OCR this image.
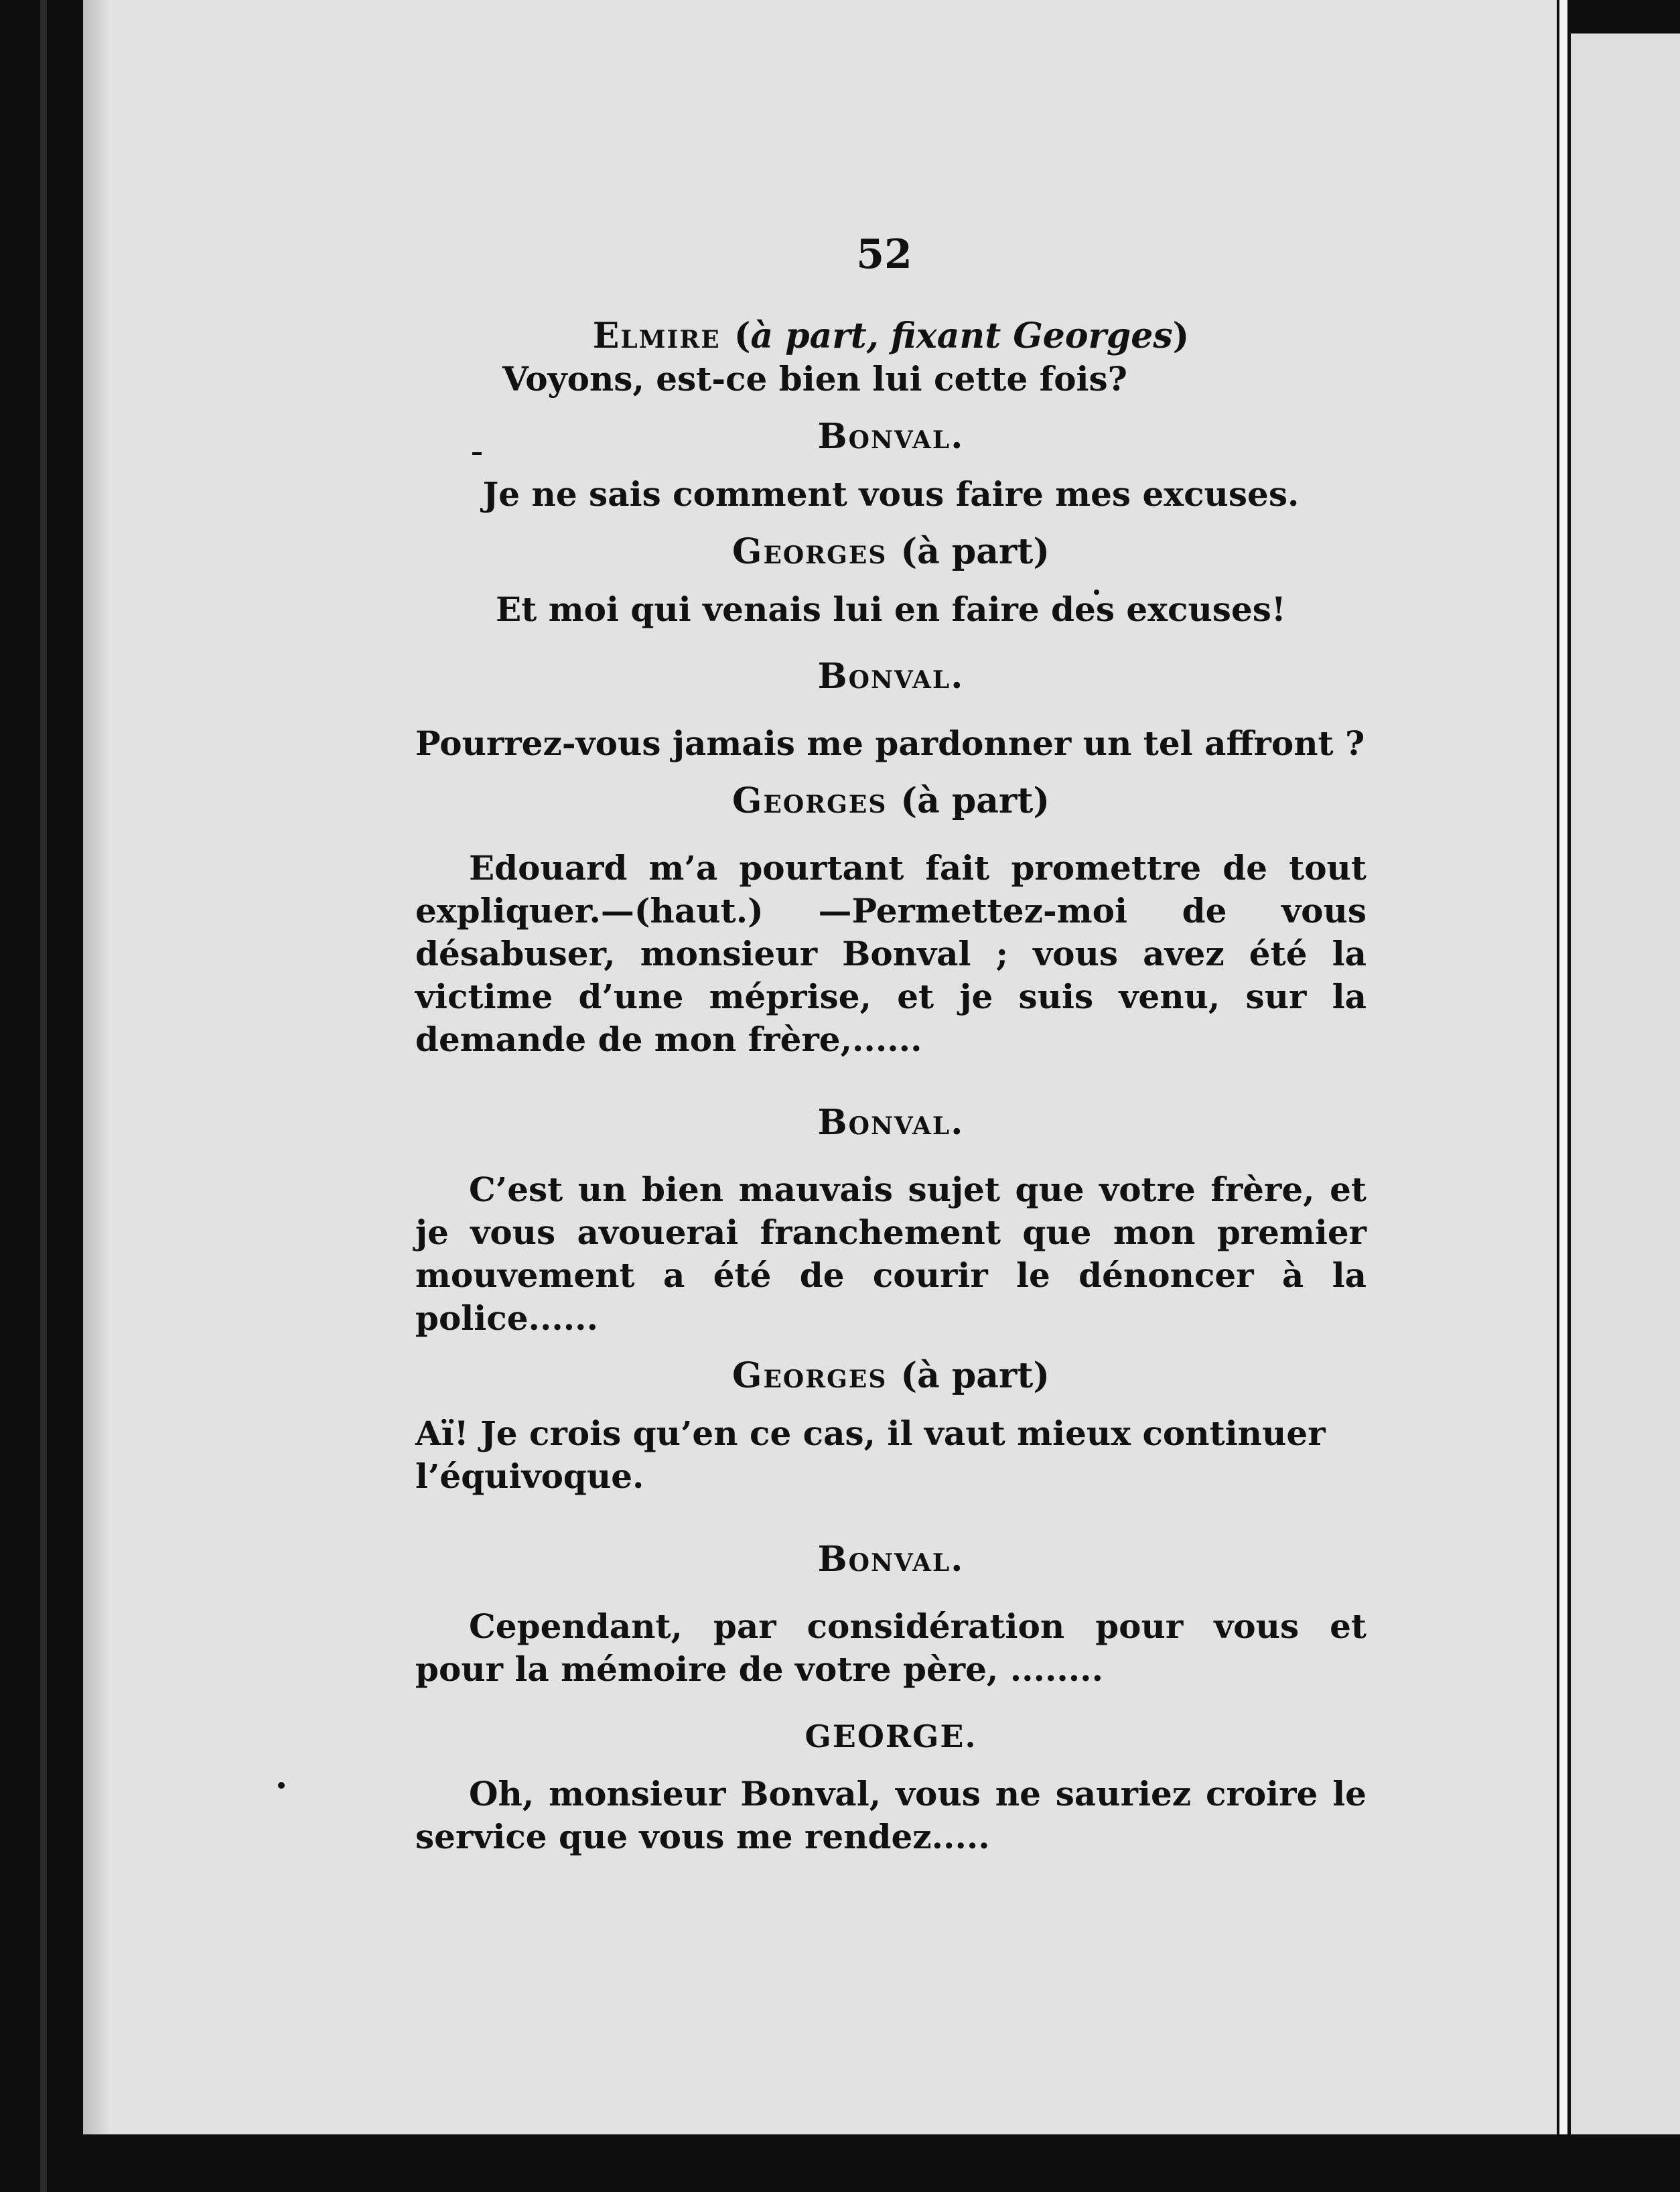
52

Elmire (à part, fixant Georges)

Voyons, est-ce bien lui cette fois?

Bonval.

Je ne sais comment vous faire mes excuses.

Georges (à part)

Et moi qui venais lui en faire des excuses!

Bonval.

Pourrez-vous jamais me pardonner un tel affront ?

Georges (à part)

Edouard m’a pourtant fait promettre de tout expliquer.—(haut.) —Permettez-moi de vous désabuser, monsieur Bonval ; vous avez été la victime d’une méprise, et je suis venu, sur la demande de mon frère,......

Bonval.

C’est un bien mauvais sujet que votre frère, et je vous avouerai franchement que mon premier mouvement a été de courir le dénoncer à la police......

Georges (à part)

Aï! Je crois qu’en ce cas, il vaut mieux continuer l’équivoque.

Bonval.

Cependant, par considération pour vous et pour la mémoire de votre père, ........

GEORGE.

Oh, monsieur Bonval, vous ne sauriez croire le service que vous me rendez.....
